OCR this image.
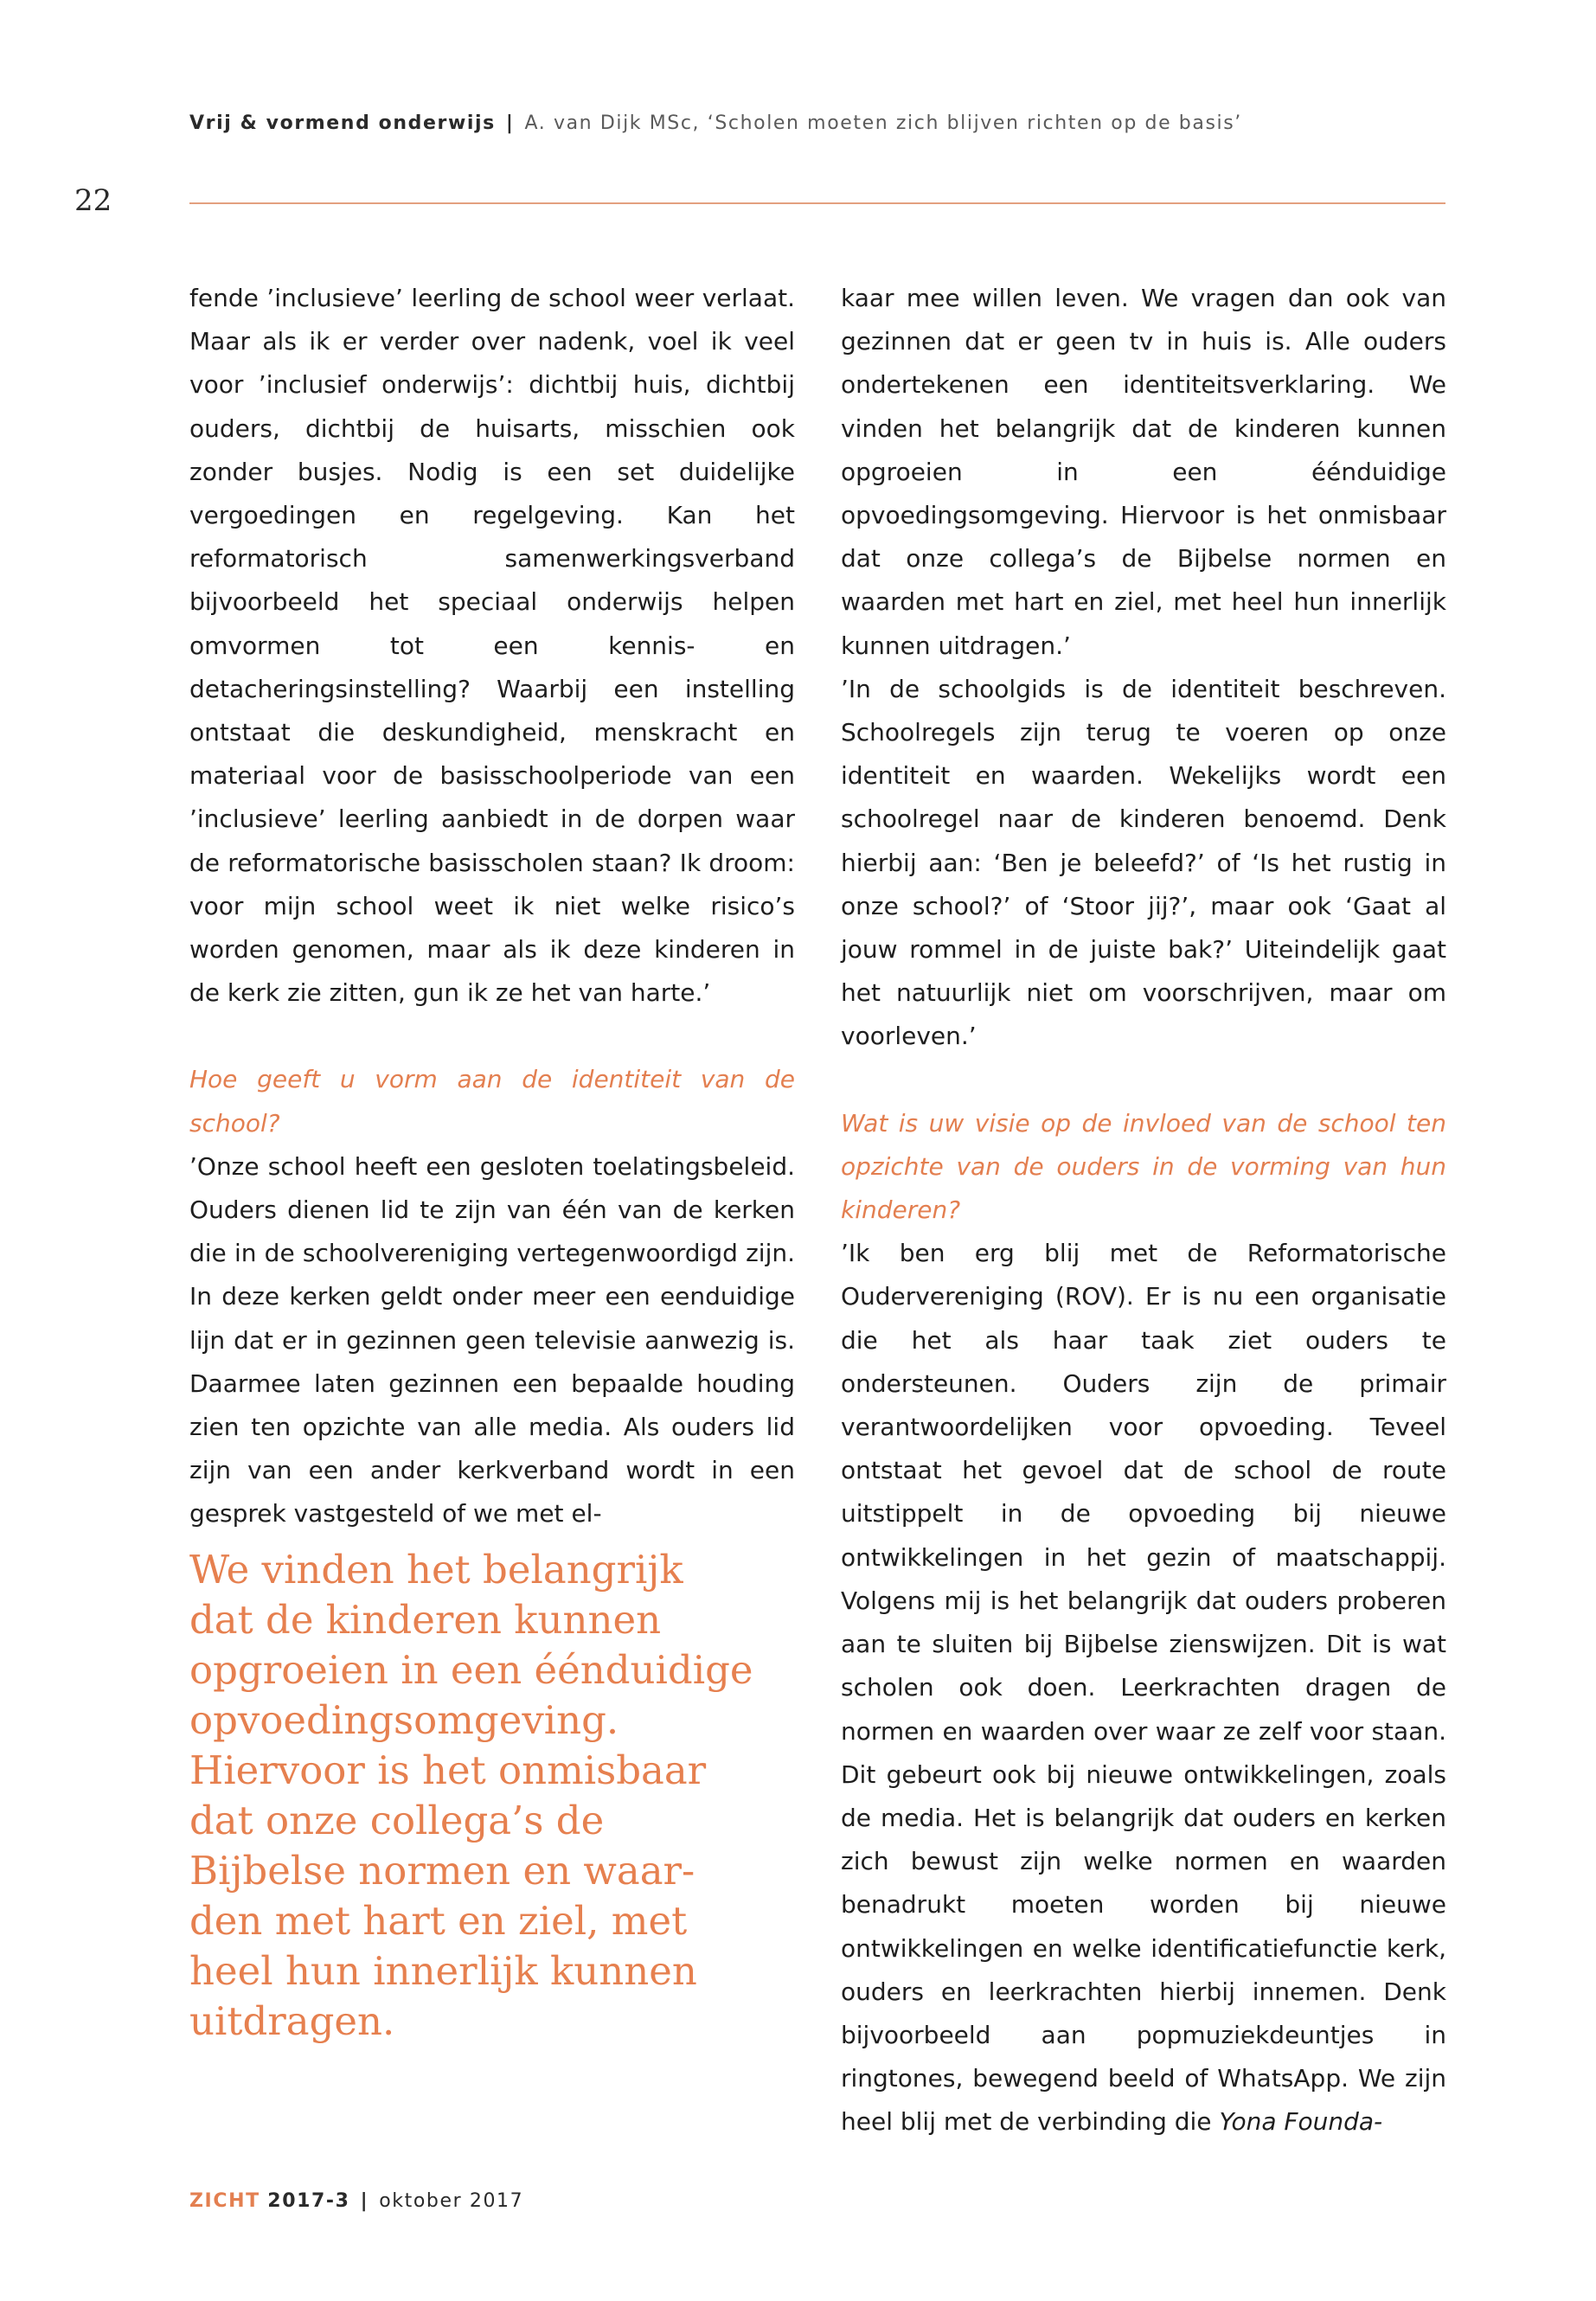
Vrij & vormend onderwijs | A. van Dijk MSc, ‘Scholen moeten zich blijven richten op de basis’
22

fende ’inclusieve’ leerling de school weer verlaat. Maar als ik er verder over nadenk, voel ik veel voor ’inclusief onderwijs’: dichtbij huis, dichtbij ouders, dichtbij de huisarts, misschien ook zonder busjes. Nodig is een set duidelijke vergoedingen en regelgeving. Kan het reformatorisch samenwerkingsverband bijvoorbeeld het speciaal onderwijs helpen omvormen tot een kennis- en detacheringsinstelling? Waarbij een instelling ontstaat die deskundigheid, menskracht en materiaal voor de basisschoolperiode van een ’inclusieve’ leerling aanbiedt in de dorpen waar de reformatorische basisscholen staan? Ik droom: voor mijn school weet ik niet welke risico’s worden genomen, maar als ik deze kinderen in de kerk zie zitten, gun ik ze het van harte.’

Hoe geeft u vorm aan de identiteit van de school?

’Onze school heeft een gesloten toelatingsbeleid. Ouders dienen lid te zijn van één van de kerken die in de schoolvereniging vertegenwoordigd zijn. In deze kerken geldt onder meer een eenduidige lijn dat er in gezinnen geen televisie aanwezig is. Daarmee laten gezinnen een bepaalde houding zien ten opzichte van alle media. Als ouders lid zijn van een ander kerkverband wordt in een gesprek vastgesteld of we met el-

We vinden het belangrijk
dat de kinderen kunnen
opgroeien in een éénduidige
opvoedingsomgeving.
Hiervoor is het onmisbaar
dat onze collega’s de
Bijbelse normen en waar-
den met hart en ziel, met
heel hun innerlijk kunnen
uitdragen.

kaar mee willen leven. We vragen dan ook van gezinnen dat er geen tv in huis is. Alle ouders ondertekenen een identiteitsverklaring. We vinden het belangrijk dat de kinderen kunnen opgroeien in een éénduidige opvoedingsomgeving. Hiervoor is het onmisbaar dat onze collega’s de Bijbelse normen en waarden met hart en ziel, met heel hun innerlijk kunnen uitdragen.’

’In de schoolgids is de identiteit beschreven. Schoolregels zijn terug te voeren op onze identiteit en waarden. Wekelijks wordt een schoolregel naar de kinderen benoemd. Denk hierbij aan: ‘Ben je beleefd?’ of ‘Is het rustig in onze school?’ of ‘Stoor jij?’, maar ook ‘Gaat al jouw rommel in de juiste bak?’ Uiteindelijk gaat het natuurlijk niet om voorschrijven, maar om voorleven.’

Wat is uw visie op de invloed van de school ten opzichte van de ouders in de vorming van hun kinderen?

’Ik ben erg blij met de Reformatorische Oudervereniging (ROV). Er is nu een organisatie die het als haar taak ziet ouders te ondersteunen. Ouders zijn de primair verantwoordelijken voor opvoeding. Teveel ontstaat het gevoel dat de school de route uitstippelt in de opvoeding bij nieuwe ontwikkelingen in het gezin of maatschappij. Volgens mij is het belangrijk dat ouders proberen aan te sluiten bij Bijbelse zienswijzen. Dit is wat scholen ook doen. Leerkrachten dragen de normen en waarden over waar ze zelf voor staan. Dit gebeurt ook bij nieuwe ontwikkelingen, zoals de media. Het is belangrijk dat ouders en kerken zich bewust zijn welke normen en waarden benadrukt moeten worden bij nieuwe ontwikkelingen en welke identificatiefunctie kerk, ouders en leerkrachten hierbij innemen. Denk bijvoorbeeld aan popmuziekdeuntjes in ringtones, bewegend beeld of WhatsApp. We zijn heel blij met de verbinding die Yona Founda-

ZICHT 2017-3 | oktober 2017
